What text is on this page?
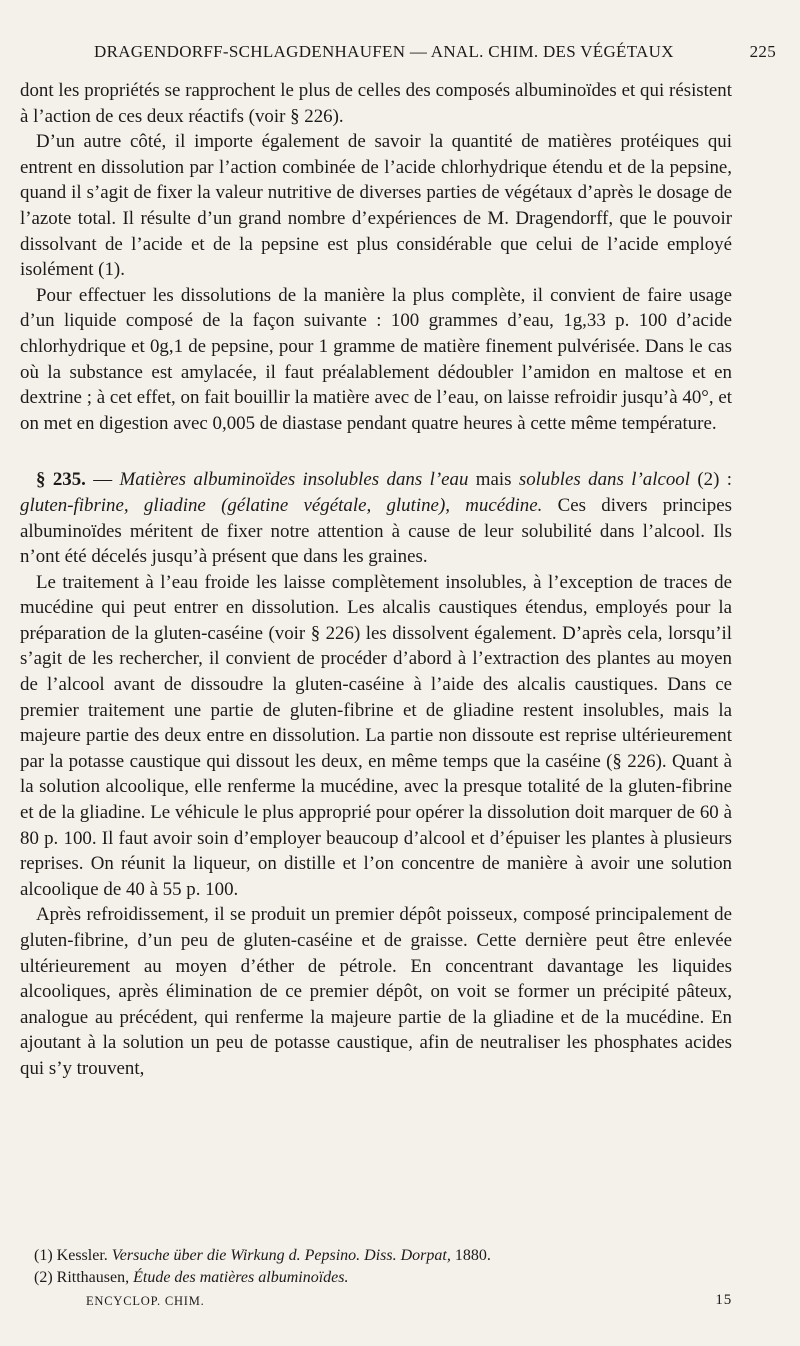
DRAGENDORFF-SCHLAGDENHAUFEN — ANAL. CHIM. DES VÉGÉTAUX	225

dont les propriétés se rapprochent le plus de celles des composés albuminoïdes et qui résistent à l’action de ces deux réactifs (voir § 226).

D’un autre côté, il importe également de savoir la quantité de matières protéiques qui entrent en dissolution par l’action combinée de l’acide chlorhydrique étendu et de la pepsine, quand il s’agit de fixer la valeur nutritive de diverses parties de végétaux d’après le dosage de l’azote total. Il résulte d’un grand nombre d’expériences de M. Dragendorff, que le pouvoir dissolvant de l’acide et de la pepsine est plus considérable que celui de l’acide employé isolément (1).

Pour effectuer les dissolutions de la manière la plus complète, il convient de faire usage d’un liquide composé de la façon suivante : 100 grammes d’eau, 1g,33 p. 100 d’acide chlorhydrique et 0g,1 de pepsine, pour 1 gramme de matière finement pulvérisée. Dans le cas où la substance est amylacée, il faut préalablement dédoubler l’amidon en maltose et en dextrine ; à cet effet, on fait bouillir la matière avec de l’eau, on laisse refroidir jusqu’à 40°, et on met en digestion avec 0,005 de diastase pendant quatre heures à cette même température.

§ 235. — Matières albuminoïdes insolubles dans l’eau mais solubles dans l’alcool (2) : gluten-fibrine, gliadine (gélatine végétale, glutine), mucédine. Ces divers principes albuminoïdes méritent de fixer notre attention à cause de leur solubilité dans l’alcool. Ils n’ont été décelés jusqu’à présent que dans les graines.

Le traitement à l’eau froide les laisse complètement insolubles, à l’exception de traces de mucédine qui peut entrer en dissolution. Les alcalis caustiques étendus, employés pour la préparation de la gluten-caséine (voir § 226) les dissolvent également. D’après cela, lorsqu’il s’agit de les rechercher, il convient de procéder d’abord à l’extraction des plantes au moyen de l’alcool avant de dissoudre la gluten-caséine à l’aide des alcalis caustiques. Dans ce premier traitement une partie de gluten-fibrine et de gliadine restent insolubles, mais la majeure partie des deux entre en dissolution. La partie non dissoute est reprise ultérieurement par la potasse caustique qui dissout les deux, en même temps que la caséine (§ 226). Quant à la solution alcoolique, elle renferme la mucédine, avec la presque totalité de la gluten-fibrine et de la gliadine. Le véhicule le plus approprié pour opérer la dissolution doit marquer de 60 à 80 p. 100. Il faut avoir soin d’employer beaucoup d’alcool et d’épuiser les plantes à plusieurs reprises. On réunit la liqueur, on distille et l’on concentre de manière à avoir une solution alcoolique de 40 à 55 p. 100.

Après refroidissement, il se produit un premier dépôt poisseux, composé principalement de gluten-fibrine, d’un peu de gluten-caséine et de graisse. Cette dernière peut être enlevée ultérieurement au moyen d’éther de pétrole. En concentrant davantage les liquides alcooliques, après élimination de ce premier dépôt, on voit se former un précipité pâteux, analogue au précédent, qui renferme la majeure partie de la gliadine et de la mucédine. En ajoutant à la solution un peu de potasse caustique, afin de neutraliser les phosphates acides qui s’y trouvent,

(1) Kessler. Versuche über die Wirkung d. Pepsino. Diss. Dorpat, 1880.

(2) Ritthausen, Étude des matières albuminoïdes.

ENCYCLOP. CHIM.	15
